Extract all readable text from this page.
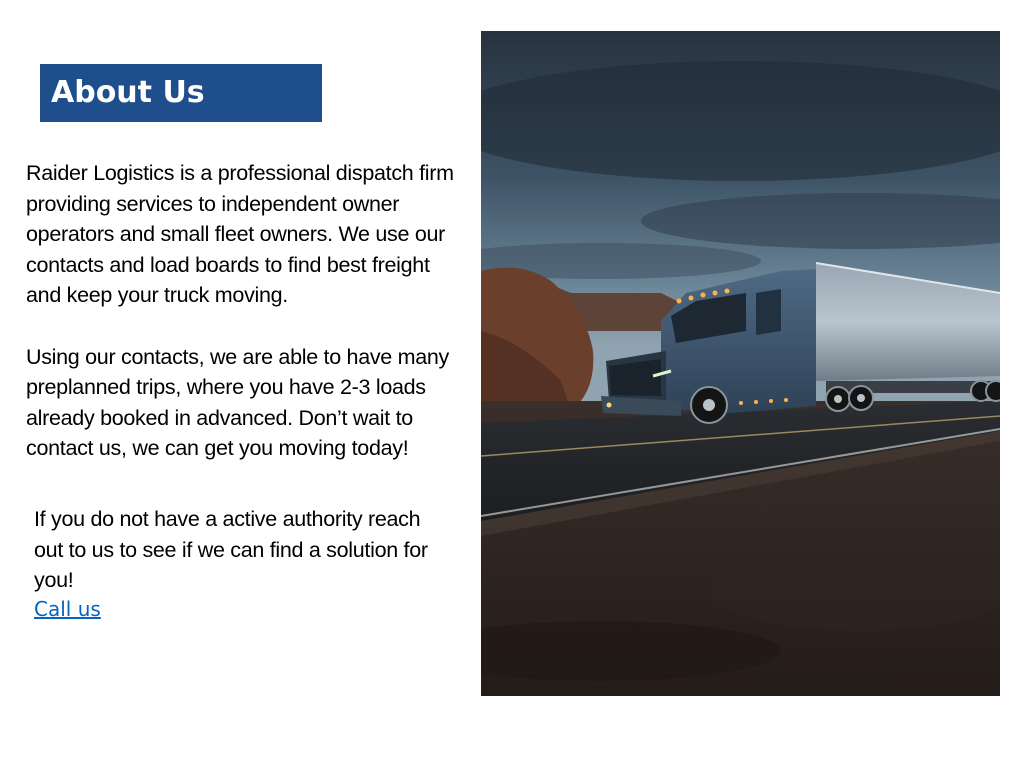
About Us

Raider Logistics is a professional dispatch firm providing services to independent owner operators and small fleet owners. We use our contacts and load boards to find best freight and keep your truck moving.

Using our contacts, we are able to have many preplanned trips, where you have 2-3 loads already booked in advanced. Don’t wait to contact us, we can get you moving today!

If you do not have a active authority reach out to us to see if we can find a solution for you!
Call us
